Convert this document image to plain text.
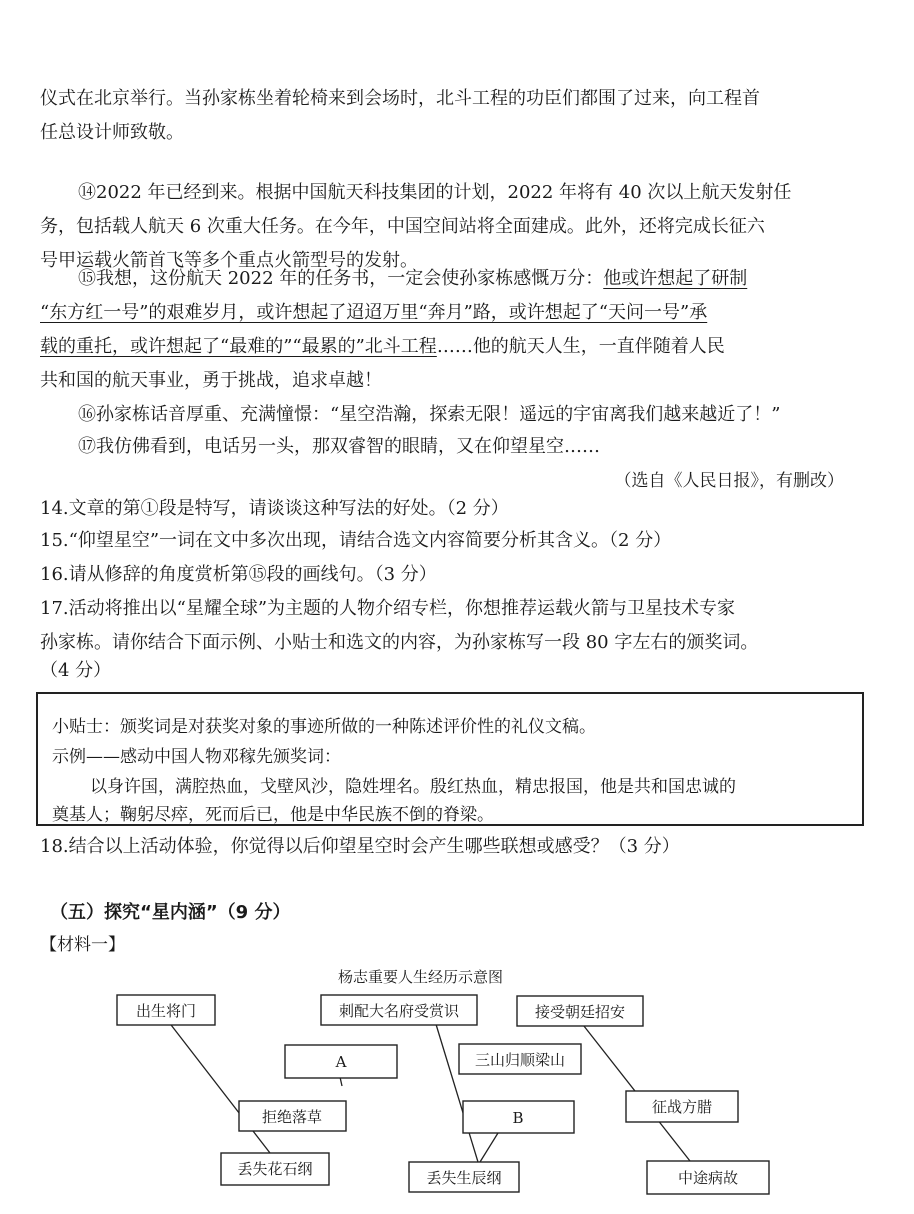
仪式在北京举行。当孙家栋坐着轮椅来到会场时，北斗工程的功臣们都围了过来，向工程首
任总设计师致敬。
⑭2022 年已经到来。根据中国航天科技集团的计划，2022 年将有 40 次以上航天发射任
务，包括载人航天 6 次重大任务。在今年，中国空间站将全面建成。此外，还将完成长征六
号甲运载火箭首飞等多个重点火箭型号的发射。
⑮我想，这份航天 2022 年的任务书，一定会使孙家栋感慨万分：他或许想起了研制
“东方红一号”的艰难岁月，或许想起了迢迢万里“奔月”路，或许想起了“天问一号”承
载的重托，或许想起了“最难的”“最累的”北斗工程……他的航天人生，一直伴随着人民
共和国的航天事业，勇于挑战，追求卓越！
⑯孙家栋话音厚重、充满憧憬：“星空浩瀚，探索无限！遥远的宇宙离我们越来越近了！”
⑰我仿佛看到，电话另一头，那双睿智的眼睛，又在仰望星空……
（选自《人民日报》，有删改）
14.文章的第①段是特写，请谈谈这种写法的好处。（2 分）
15.“仰望星空”一词在文中多次出现，请结合选文内容简要分析其含义。（2 分）
16.请从修辞的角度赏析第⑮段的画线句。（3 分）
17.活动将推出以“星耀全球”为主题的人物介绍专栏，你想推荐运载火箭与卫星技术专家
孙家栋。请你结合下面示例、小贴士和选文的内容，为孙家栋写一段 80 字左右的颁奖词。
（4 分）
小贴士：颁奖词是对获奖对象的事迹所做的一种陈述评价性的礼仪文稿。
示例——感动中国人物邓稼先颁奖词：
以身许国，满腔热血，戈壁风沙，隐姓埋名。殷红热血，精忠报国，他是共和国忠诚的
奠基人；鞠躬尽瘁，死而后已，他是中华民族不倒的脊梁。
18.结合以上活动体验，你觉得以后仰望星空时会产生哪些联想或感受？（3 分）
（五）探究“星内涵”（9 分）
【材料一】
杨志重要人生经历示意图
出生将门	刺配大名府受赏识	接受朝廷招安
A	三山归顺梁山
拒绝落草	B
征战方腊
丢失花石纲	丢失生辰纲	中途病故
